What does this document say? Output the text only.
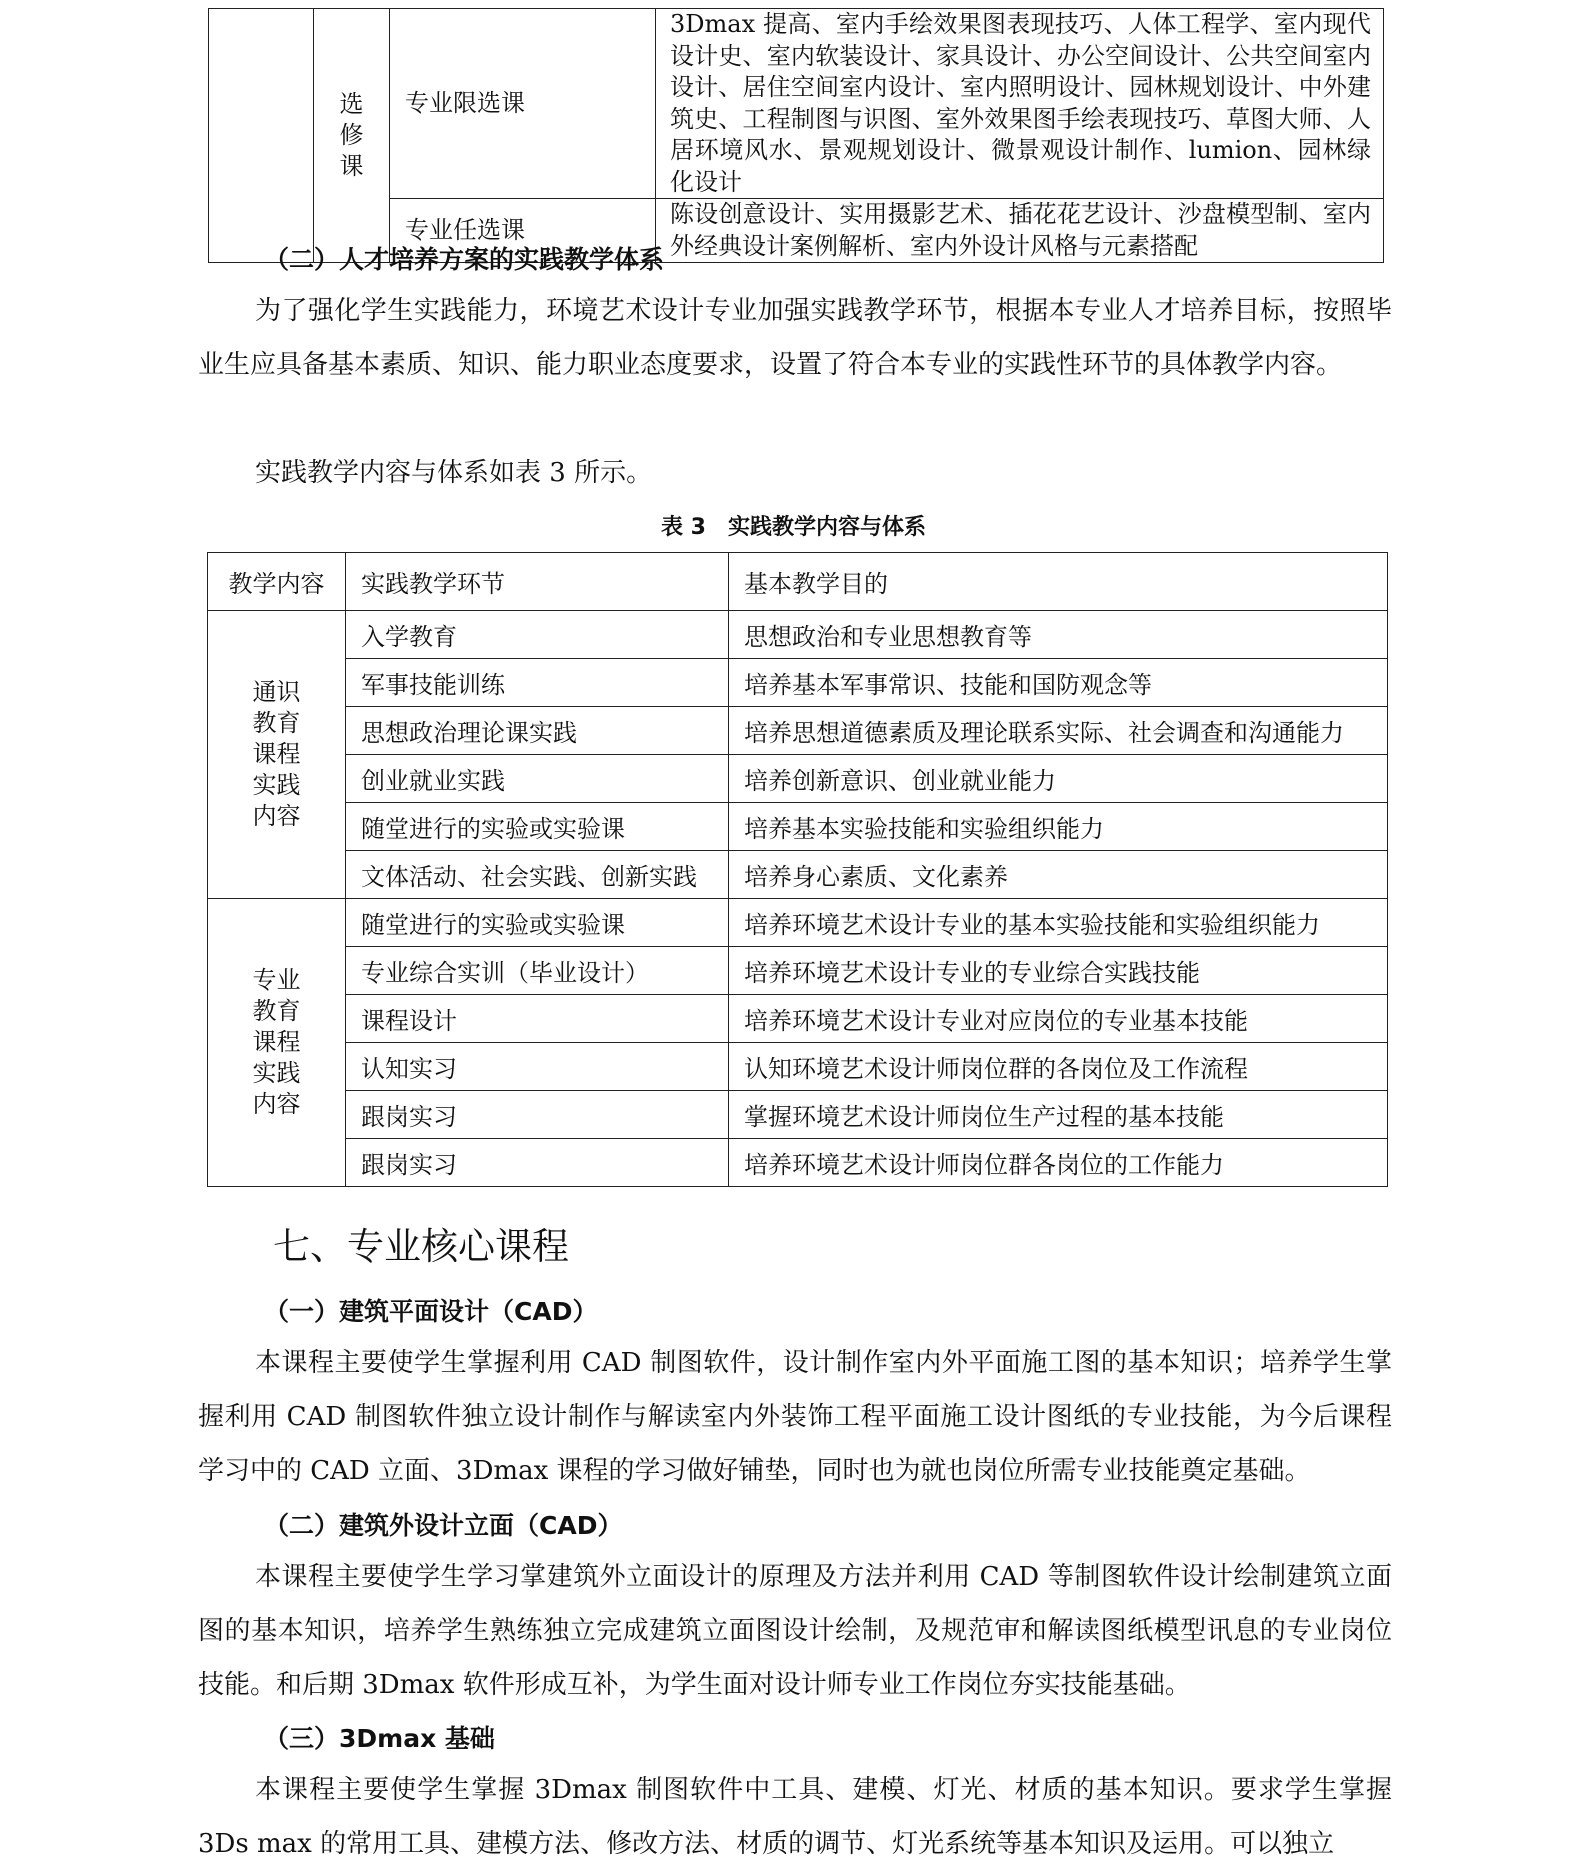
	选
修
课	专业限选课	3Dmax 提高、室内手绘效果图表现技巧、人体工程学、室内现代设计史、室内软装设计、家具设计、办公空间设计、公共空间室内设计、居住空间室内设计、室内照明设计、园林规划设计、中外建筑史、工程制图与识图、室外效果图手绘表现技巧、草图大师、人居环境风水、景观规划设计、微景观设计制作、lumion、园林绿化设计
		专业任选课	陈设创意设计、实用摄影艺术、插花花艺设计、沙盘模型制、室内外经典设计案例解析、室内外设计风格与元素搭配
（二）人才培养方案的实践教学体系
为了强化学生实践能力，环境艺术设计专业加强实践教学环节，根据本专业人才培养目标，按照毕业生应具备基本素质、知识、能力职业态度要求，设置了符合本专业的实践性环节的具体教学内容。
实践教学内容与体系如表 3 所示。
表 3　实践教学内容与体系
教学内容	实践教学环节	基本教学目的
通识
教育
课程
实践
内容	入学教育	思想政治和专业思想教育等
	军事技能训练	培养基本军事常识、技能和国防观念等
	思想政治理论课实践	培养思想道德素质及理论联系实际、社会调查和沟通能力
	创业就业实践	培养创新意识、创业就业能力
	随堂进行的实验或实验课	培养基本实验技能和实验组织能力
	文体活动、社会实践、创新实践	培养身心素质、文化素养
专业
教育
课程
实践
内容	随堂进行的实验或实验课	培养环境艺术设计专业的基本实验技能和实验组织能力
	专业综合实训（毕业设计）	培养环境艺术设计专业的专业综合实践技能
	课程设计	培养环境艺术设计专业对应岗位的专业基本技能
	认知实习	认知环境艺术设计师岗位群的各岗位及工作流程
	跟岗实习	掌握环境艺术设计师岗位生产过程的基本技能
	跟岗实习	培养环境艺术设计师岗位群各岗位的工作能力
七、专业核心课程
（一）建筑平面设计（CAD）
本课程主要使学生掌握利用 CAD 制图软件，设计制作室内外平面施工图的基本知识；培养学生掌握利用 CAD 制图软件独立设计制作与解读室内外装饰工程平面施工设计图纸的专业技能，为今后课程学习中的 CAD 立面、3Dmax 课程的学习做好铺垫，同时也为就也岗位所需专业技能奠定基础。
（二）建筑外设计立面（CAD）
本课程主要使学生学习掌建筑外立面设计的原理及方法并利用 CAD 等制图软件设计绘制建筑立面图的基本知识，培养学生熟练独立完成建筑立面图设计绘制，及规范审和解读图纸模型讯息的专业岗位技能。和后期 3Dmax 软件形成互补，为学生面对设计师专业工作岗位夯实技能基础。
（三）3Dmax 基础
本课程主要使学生掌握 3Dmax 制图软件中工具、建模、灯光、材质的基本知识。要求学生掌握 3Ds max 的常用工具、建模方法、修改方法、材质的调节、灯光系统等基本知识及运用。可以独立
